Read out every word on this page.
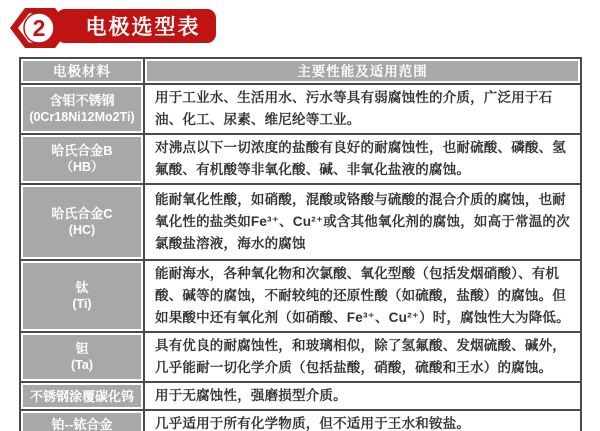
2	电极选型表
电极材料	主要性能及适用范围

含钼不锈钢
(0Cr18Ni12Mo2Ti)	用于工业水、生活用水、污水等具有弱腐蚀性的介质，广泛用于石油、化工、尿素、维尼纶等工业。

哈氏合金B
（HB）	对沸点以下一切浓度的盐酸有良好的耐腐蚀性，也耐硫酸、磷酸、氢氟酸、有机酸等非氧化酸、碱、非氧化盐液的腐蚀。

哈氏合金C
(HC)	能耐氧化性酸，如硝酸，混酸或铬酸与硫酸的混合介质的腐蚀，也耐氧化性的盐类如Fe³⁺、Cu²⁺或含其他氧化剂的腐蚀，如高于常温的次氯酸盐溶液，海水的腐蚀

钛
(Ti)	能耐海水，各种氧化物和次氯酸、氧化型酸（包括发烟硝酸）、有机酸、碱等的腐蚀，不耐较纯的还原性酸（如硫酸，盐酸）的腐蚀。但如果酸中还有氧化剂（如硝酸、Fe³⁺、Cu²⁺）时，腐蚀性大为降低。

钽
(Ta)	具有优良的耐腐蚀性，和玻璃相似，除了氢氟酸、发烟硫酸、碱外，几乎能耐一切化学介质（包括盐酸，硝酸，硫酸和王水）的腐蚀。

不锈钢涂覆碳化钨	用于无腐蚀性，强磨损型介质。

铂--铱合金	几乎适用于所有化学物质，但不适用于王水和铵盐。
